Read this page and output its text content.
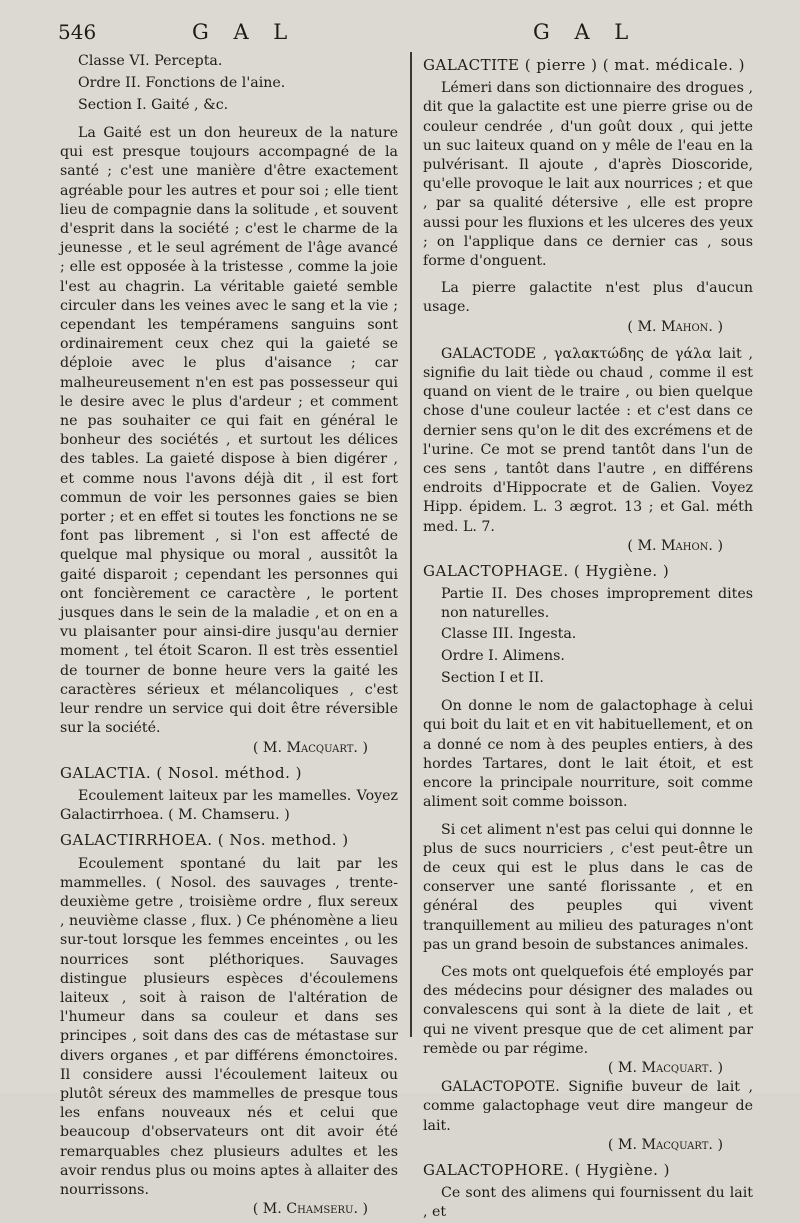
546	G A L	G A L

Classe VI. Percepta.

Ordre II. Fonctions de l'aine.

Section I. Gaité , &c.

La Gaité est un don heureux de la nature qui est presque toujours accompagné de la santé ; c'est une manière d'être exactement agréable pour les autres et pour soi ; elle tient lieu de compagnie dans la solitude , et souvent d'esprit dans la société ; c'est le charme de la jeunesse , et le seul agrément de l'âge avancé ; elle est opposée à la tristesse , comme la joie l'est au chagrin. La véritable gaieté semble circuler dans les veines avec le sang et la vie ; cependant les tempéramens sanguins sont ordinairement ceux chez qui la gaieté se déploie avec le plus d'aisance ; car malheureusement n'en est pas possesseur qui le desire avec le plus d'ardeur ; et comment ne pas souhaiter ce qui fait en général le bonheur des sociétés , et surtout les délices des tables. La gaieté dispose à bien digérer , et comme nous l'avons déjà dit , il est fort commun de voir les personnes gaies se bien porter ; et en effet si toutes les fonctions ne se font pas librement , si l'on est affecté de quelque mal physique ou moral , aussitôt la gaité disparoit ; cependant les personnes qui ont foncièrement ce caractère , le portent jusques dans le sein de la maladie , et on en a vu plaisanter pour ainsi-dire jusqu'au dernier moment , tel étoit Scaron. Il est très essentiel de tourner de bonne heure vers la gaité les caractères sérieux et mélancoliques , c'est leur rendre un service qui doit être réversible sur la société.

( M. Macquart. )

GALACTIA. ( Nosol. méthod. )

Ecoulement laiteux par les mamelles. Voyez Galactirrhoea. ( M. Chamseru. )

GALACTIRRHOEA. ( Nos. method. )

Ecoulement spontané du lait par les mammelles. ( Nosol. des sauvages , trente-deuxième getre , troisième ordre , flux sereux , neuvième classe , flux. ) Ce phénomène a lieu sur-tout lorsque les femmes enceintes , ou les nourrices sont pléthoriques. Sauvages distingue plusieurs espèces d'écoulemens laiteux , soit à raison de l'altération de l'humeur dans sa couleur et dans ses principes , soit dans des cas de métastase sur divers organes , et par différens émonctoires. Il considere aussi l'écoulement laiteux ou plutôt séreux des mammelles de presque tous les enfans nouveaux nés et celui que beaucoup d'observateurs ont dit avoir été remarquables chez plusieurs adultes et les avoir rendus plus ou moins aptes à allaiter des nourrissons.

( M. Chamseru. )

GALACTITE ( pierre ) ( mat. médicale. )

Lémeri dans son dictionnaire des drogues , dit que la galactite est une pierre grise ou de couleur cendrée , d'un goût doux , qui jette un suc laiteux quand on y mêle de l'eau en la pulvérisant. Il ajoute , d'après Dioscoride, qu'elle provoque le lait aux nourrices ; et que , par sa qualité détersive , elle est propre aussi pour les fluxions et les ulceres des yeux ; on l'applique dans ce dernier cas , sous forme d'onguent.

La pierre galactite n'est plus d'aucun usage.

( M. Mahon. )

GALACTODE , γαλακτώδης de γάλα lait , signifie du lait tiède ou chaud , comme il est quand on vient de le traire , ou bien quelque chose d'une couleur lactée : et c'est dans ce dernier sens qu'on le dit des excrémens et de l'urine. Ce mot se prend tantôt dans l'un de ces sens , tantôt dans l'autre , en différens endroits d'Hippocrate et de Galien. Voyez Hipp. épidem. L. 3 ægrot. 13 ; et Gal. méth med. L. 7.

( M. Mahon. )

GALACTOPHAGE. ( Hygiène. )

Partie II. Des choses improprement dites non naturelles.

Classe III. Ingesta.

Ordre I. Alimens.

Section I et II.

On donne le nom de galactophage à celui qui boit du lait et en vit habituellement, et on a donné ce nom à des peuples entiers, à des hordes Tartares, dont le lait étoit, et est encore la principale nourriture, soit comme aliment soit comme boisson.

Si cet aliment n'est pas celui qui donnne le plus de sucs nourriciers , c'est peut-être un de ceux qui est le plus dans le cas de conserver une santé florissante , et en général des peuples qui vivent tranquillement au milieu des paturages n'ont pas un grand besoin de substances animales.

Ces mots ont quelquefois été employés par des médecins pour désigner des malades ou convalescens qui sont à la diete de lait , et qui ne vivent presque que de cet aliment par remède ou par régime.

( M. Macquart. )

GALACTOPOTE. Signifie buveur de lait , comme galactophage veut dire mangeur de lait.

( M. Macquart. )

GALACTOPHORE. ( Hygiène. )

Ce sont des alimens qui fournissent du lait , et
